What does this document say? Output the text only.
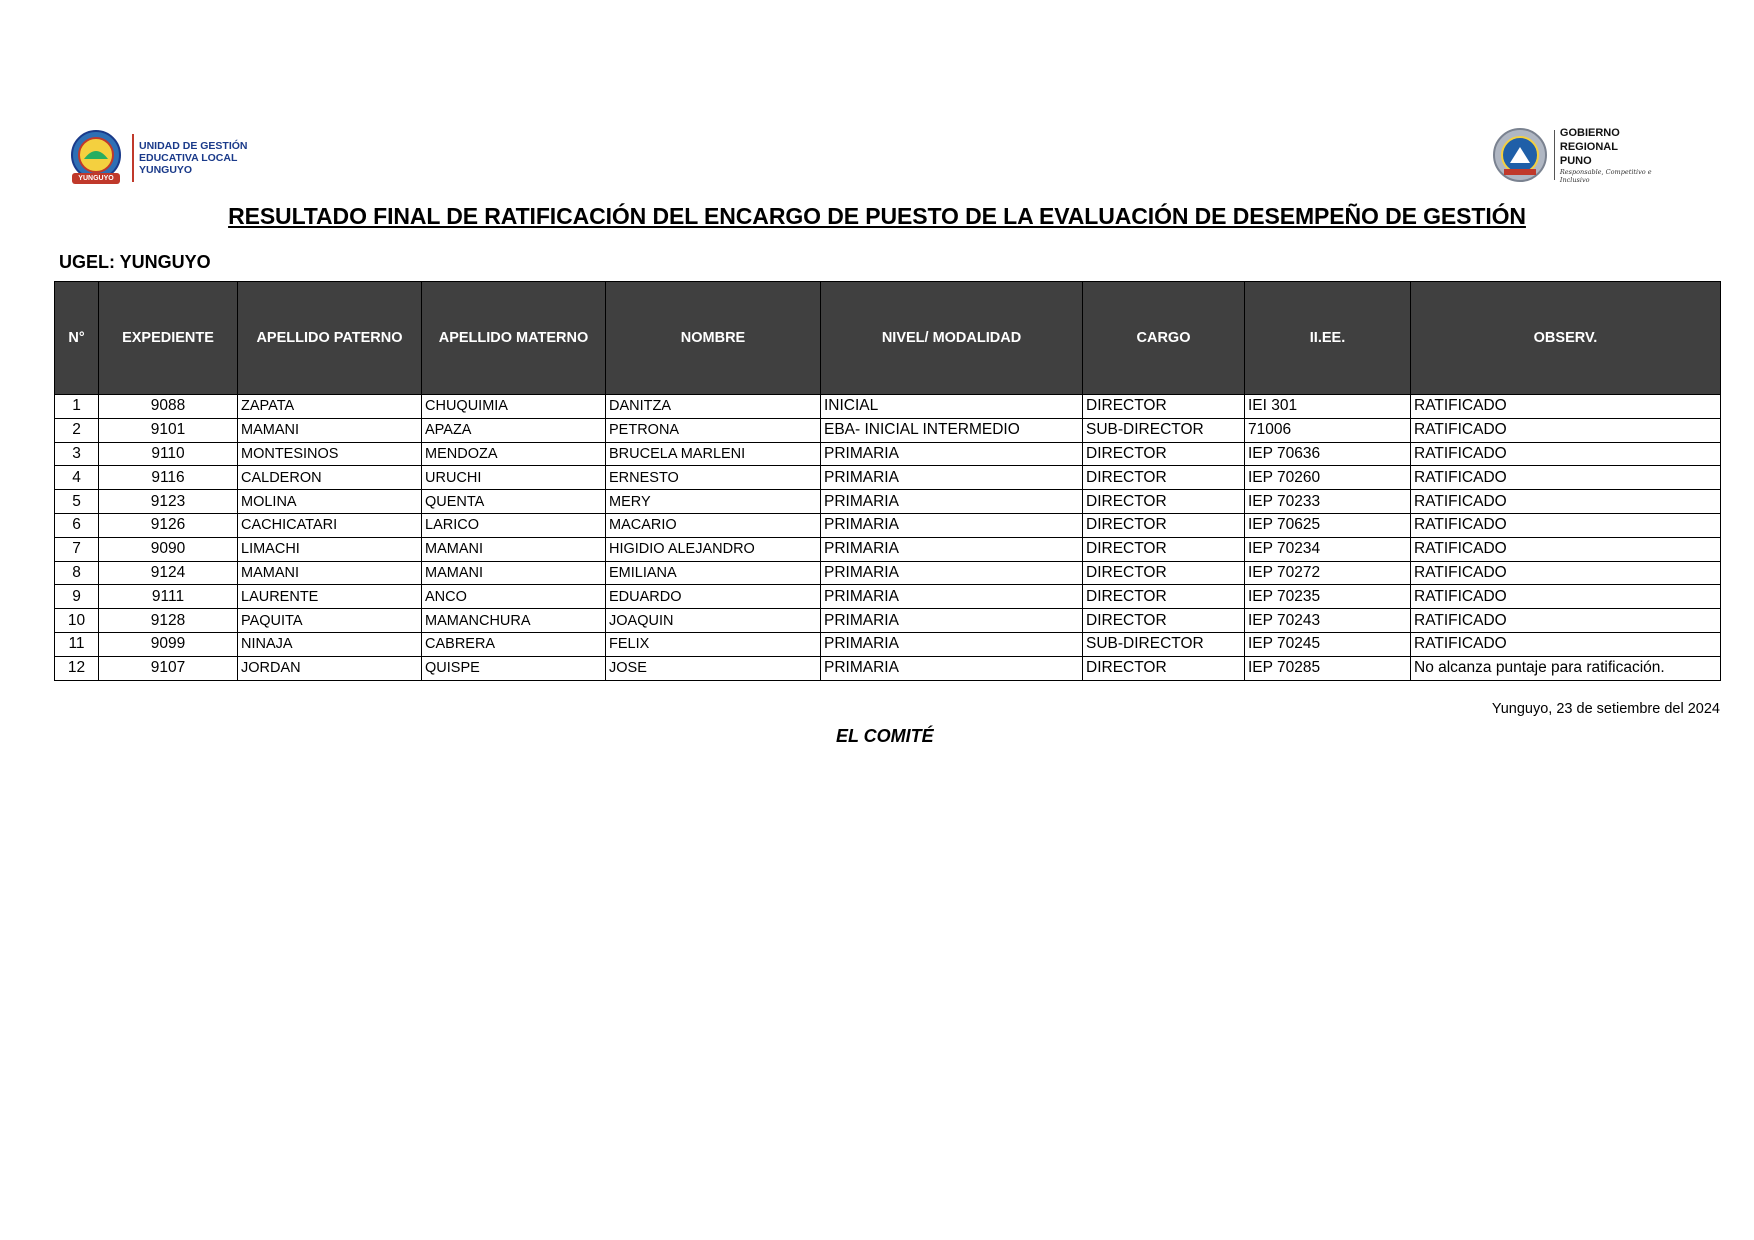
YUNGUYO
UNIDAD DE GESTIÓN
EDUCATIVA LOCAL
YUNGUYO
GOBIERNO
REGIONAL
PUNO
Responsable, Competitivo e Inclusivo
RESULTADO FINAL DE RATIFICACIÓN DEL ENCARGO DE PUESTO DE LA EVALUACIÓN DE DESEMPEÑO DE GESTIÓN
UGEL: YUNGUYO
N°	EXPEDIENTE	APELLIDO PATERNO	APELLIDO MATERNO	NOMBRE	NIVEL/ MODALIDAD	CARGO	II.EE.	OBSERV.
1	9088	ZAPATA	CHUQUIMIA	DANITZA	INICIAL	DIRECTOR	IEI 301	RATIFICADO
2	9101	MAMANI	APAZA	PETRONA	EBA- INICIAL INTERMEDIO	SUB-DIRECTOR	71006	RATIFICADO
3	9110	MONTESINOS	MENDOZA	BRUCELA MARLENI	PRIMARIA	DIRECTOR	IEP 70636	RATIFICADO
4	9116	CALDERON	URUCHI	ERNESTO	PRIMARIA	DIRECTOR	IEP 70260	RATIFICADO
5	9123	MOLINA	QUENTA	MERY	PRIMARIA	DIRECTOR	IEP 70233	RATIFICADO
6	9126	CACHICATARI	LARICO	MACARIO	PRIMARIA	DIRECTOR	IEP 70625	RATIFICADO
7	9090	LIMACHI	MAMANI	HIGIDIO ALEJANDRO	PRIMARIA	DIRECTOR	IEP 70234	RATIFICADO
8	9124	MAMANI	MAMANI	EMILIANA	PRIMARIA	DIRECTOR	IEP 70272	RATIFICADO
9	9111	LAURENTE	ANCO	EDUARDO	PRIMARIA	DIRECTOR	IEP 70235	RATIFICADO
10	9128	PAQUITA	MAMANCHURA	JOAQUIN	PRIMARIA	DIRECTOR	IEP 70243	RATIFICADO
11	9099	NINAJA	CABRERA	FELIX	PRIMARIA	SUB-DIRECTOR	IEP 70245	RATIFICADO
12	9107	JORDAN	QUISPE	JOSE	PRIMARIA	DIRECTOR	IEP 70285	No alcanza puntaje para ratificación.
Yunguyo, 23 de setiembre del 2024
EL COMITÉ
